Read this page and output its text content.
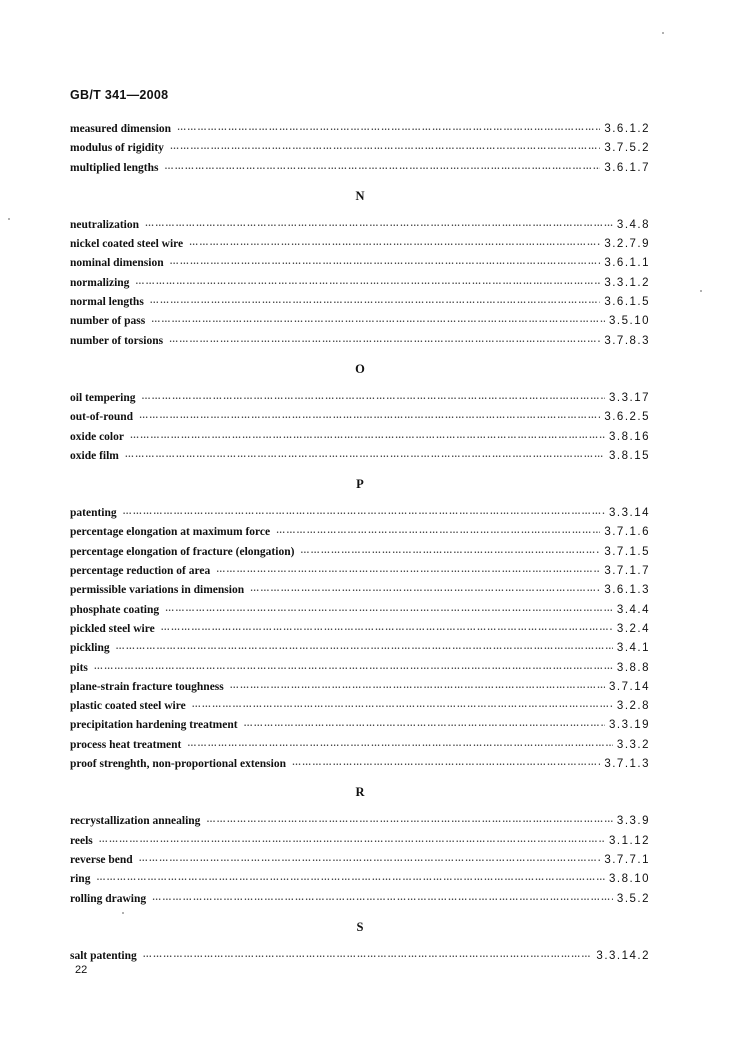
GB/T 341—2008
measured dimension …………………………………………………………………………………………………………………………………………………………………………	3.6.1.2
modulus of rigidity …………………………………………………………………………………………………………………………………………………………………………	3.7.5.2
multiplied lengths …………………………………………………………………………………………………………………………………………………………………………	3.6.1.7
N
neutralization …………………………………………………………………………………………………………………………………………………………………………	3.4.8
nickel coated steel wire …………………………………………………………………………………………………………………………………………………………………………	3.2.7.9
nominal dimension …………………………………………………………………………………………………………………………………………………………………………	3.6.1.1
normalizing …………………………………………………………………………………………………………………………………………………………………………	3.3.1.2
normal lengths …………………………………………………………………………………………………………………………………………………………………………	3.6.1.5
number of pass …………………………………………………………………………………………………………………………………………………………………………	3.5.10
number of torsions …………………………………………………………………………………………………………………………………………………………………………	3.7.8.3
O
oil tempering …………………………………………………………………………………………………………………………………………………………………………	3.3.17
out-of-round …………………………………………………………………………………………………………………………………………………………………………	3.6.2.5
oxide color …………………………………………………………………………………………………………………………………………………………………………	3.8.16
oxide film …………………………………………………………………………………………………………………………………………………………………………	3.8.15
P
patenting …………………………………………………………………………………………………………………………………………………………………………	3.3.14
percentage elongation at maximum force …………………………………………………………………………………………………………………………………………………………………………	3.7.1.6
percentage elongation of fracture (elongation) …………………………………………………………………………………………………………………………………………………………………………	3.7.1.5
percentage reduction of area …………………………………………………………………………………………………………………………………………………………………………	3.7.1.7
permissible variations in dimension …………………………………………………………………………………………………………………………………………………………………………	3.6.1.3
phosphate coating …………………………………………………………………………………………………………………………………………………………………………	3.4.4
pickled steel wire …………………………………………………………………………………………………………………………………………………………………………	3.2.4
pickling …………………………………………………………………………………………………………………………………………………………………………	3.4.1
pits …………………………………………………………………………………………………………………………………………………………………………	3.8.8
plane-strain fracture toughness …………………………………………………………………………………………………………………………………………………………………………	3.7.14
plastic coated steel wire …………………………………………………………………………………………………………………………………………………………………………	3.2.8
precipitation hardening treatment …………………………………………………………………………………………………………………………………………………………………………	3.3.19
process heat treatment …………………………………………………………………………………………………………………………………………………………………………	3.3.2
proof strenghth, non-proportional extension …………………………………………………………………………………………………………………………………………………………………………	3.7.1.3
R
recrystallization annealing …………………………………………………………………………………………………………………………………………………………………………	3.3.9
reels …………………………………………………………………………………………………………………………………………………………………………	3.1.12
reverse bend …………………………………………………………………………………………………………………………………………………………………………	3.7.7.1
ring …………………………………………………………………………………………………………………………………………………………………………	3.8.10
rolling drawing …………………………………………………………………………………………………………………………………………………………………………	3.5.2
S
salt patenting …………………………………………………………………………………………………………………………………………………………………………	3.3.14.2
22
